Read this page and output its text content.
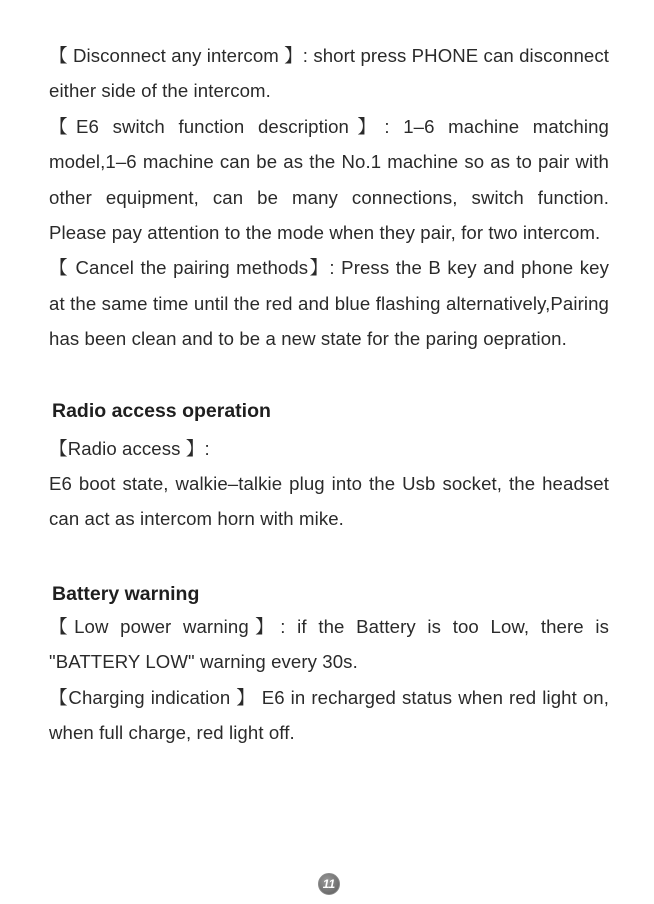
【 Disconnect any intercom 】: short press PHONE can disconnect either side of the intercom.

【E6 switch function description】: 1–6 machine matching model,1–6 machine can be as the No.1 machine so as to pair with other equipment, can be many connections, switch function. Please pay attention to the mode when they pair, for two intercom.

【 Cancel the pairing methods】: Press the B key and phone key at the same time until the red and blue flashing alternatively,Pairing has been clean and to be a new state for the paring oepration.

Radio access operation

【Radio access 】:

E6 boot state, walkie–talkie plug into the Usb socket, the headset can act as intercom horn with mike.

Battery warning

【Low power warning】: if the Battery is too Low, there is "BATTERY LOW" warning every 30s.

【Charging indication 】 E6 in recharged status when red light on, when full charge, red light off.

11
